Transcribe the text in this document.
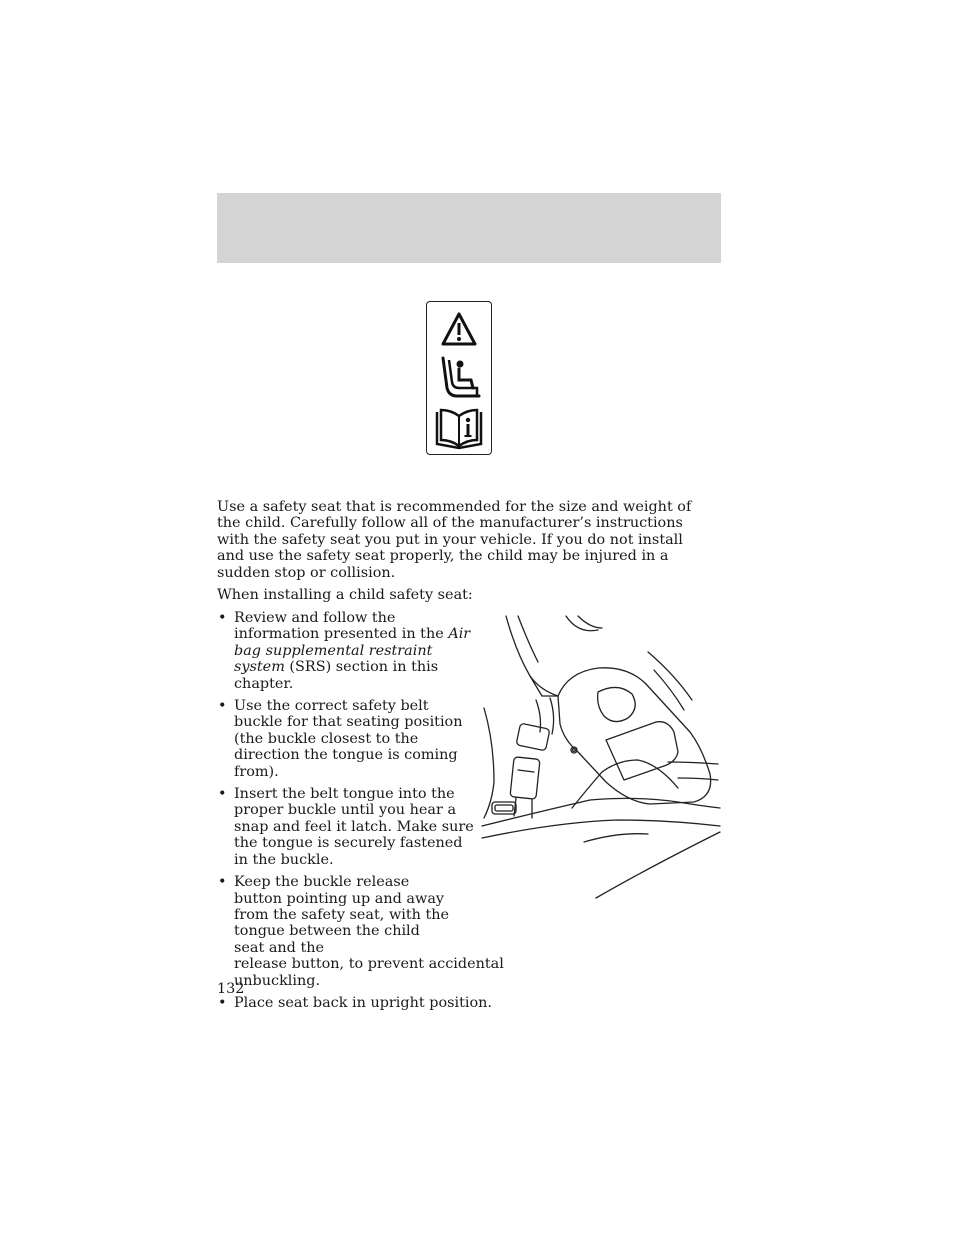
Use a safety seat that is recommended for the size and weight of the child. Carefully follow all of the manufacturer’s instructions with the safety seat you put in your vehicle. If you do not install and use the safety seat properly, the child may be injured in a sudden stop or collision.

When installing a child safety seat:

• Review and follow the information presented in the Air bag supplemental restraint system (SRS) section in this chapter.
• Use the correct safety belt buckle for that seating position (the buckle closest to the direction the tongue is coming from).
• Insert the belt tongue into the proper buckle until you hear a snap and feel it latch. Make sure the tongue is securely fastened in the buckle.
• Keep the buckle release button pointing up and away from the safety seat, with the tongue between the child seat and the
release button, to prevent accidental unbuckling.
• Place seat back in upright position.
132
